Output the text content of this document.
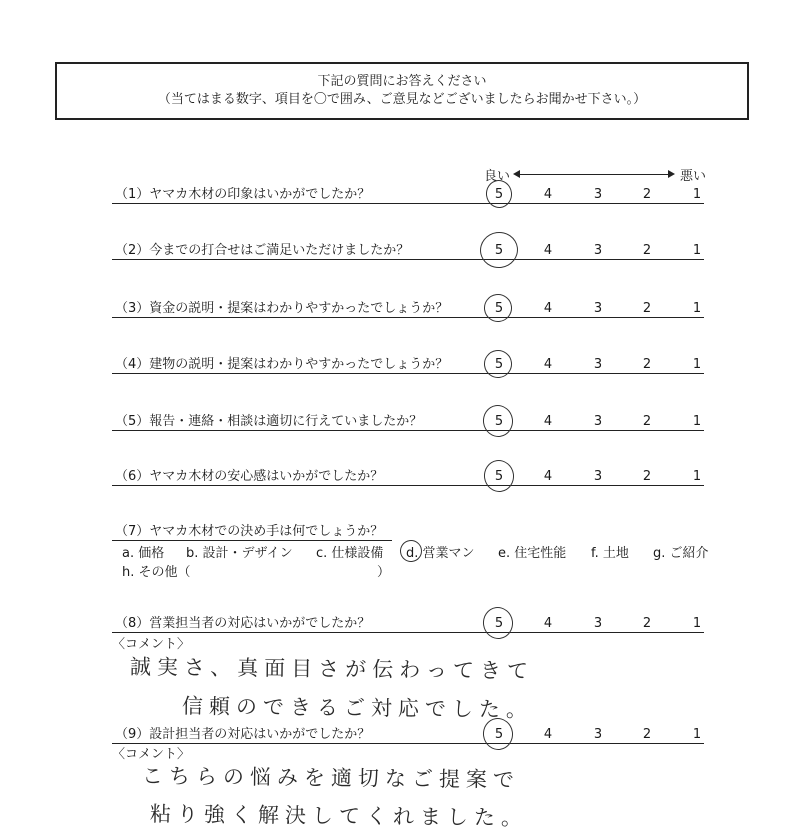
下記の質問にお答えください
（当てはまる数字、項目を〇で囲み、ご意見などございましたらお聞かせ下さい。）
良い	悪い
（1）ヤマカ木材の印象はいかがでしたか？	5	4	3	2	1
（2）今までの打合せはご満足いただけましたか？	5	4	3	2	1
（3）資金の説明・提案はわかりやすかったでしょうか？	5	4	3	2	1
（4）建物の説明・提案はわかりやすかったでしょうか？	5	4	3	2	1
（5）報告・連絡・相談は適切に行えていましたか？	5	4	3	2	1
（6）ヤマカ木材の安心感はいかがでしたか？	5	4	3	2	1
（7）ヤマカ木材での決め手は何でしょうか？
a. 価格 b. 設計・デザイン c. 仕様設備 d. 営業マン e. 住宅性能 f. 土地 g. ご紹介
h. その他（	）
（8）営業担当者の対応はいかがでしたか？	5	4	3	2	1
〈コメント〉
誠実さ、真面目さが伝わってきて
信頼のできるご対応でした。
（9）設計担当者の対応はいかがでしたか？	5	4	3	2	1
〈コメント〉
こちらの悩みを適切なご提案で
粘り強く解決してくれました。
